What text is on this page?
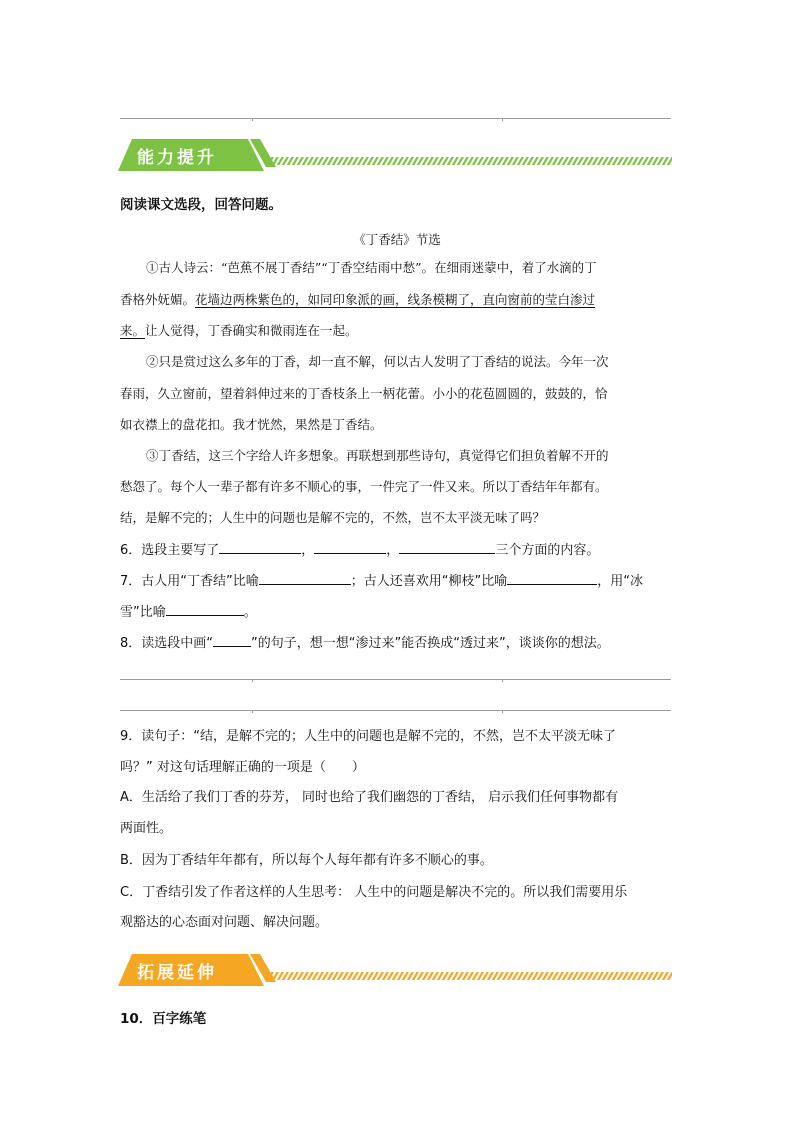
能力提升
阅读课文选段，回答问题。
《丁香结》节选
①古人诗云：“芭蕉不展丁香结”“丁香空结雨中愁”。在细雨迷蒙中，着了水滴的丁
香格外妩媚。花墙边两株紫色的，如同印象派的画，线条模糊了，直向窗前的莹白渗过
来。让人觉得，丁香确实和微雨连在一起。
②只是赏过这么多年的丁香，却一直不解，何以古人发明了丁香结的说法。今年一次
春雨，久立窗前，望着斜伸过来的丁香枝条上一柄花蕾。小小的花苞圆圆的，鼓鼓的，恰
如衣襟上的盘花扣。我才恍然，果然是丁香结。
③丁香结，这三个字给人许多想象。再联想到那些诗句，真觉得它们担负着解不开的
愁怨了。每个人一辈子都有许多不顺心的事，一件完了一件又来。所以丁香结年年都有。
结，是解不完的；人生中的问题也是解不完的，不然，岂不太平淡无味了吗？
6．选段主要写了	，	，	三个方面的内容。
7．古人用“丁香结”比喻	；古人还喜欢用“柳枝”比喻	，用“冰
雪”比喻	。
8．读选段中画“	”的句子，想一想“渗过来”能否换成“透过来”，谈谈你的想法。
9．读句子：“结，是解不完的；人生中的问题也是解不完的，不然，岂不太平淡无味了
吗？” 对这句话理解正确的一项是（　　）
A．生活给了我们丁香的芬芳， 同时也给了我们幽怨的丁香结， 启示我们任何事物都有
两面性。
B．因为丁香结年年都有，所以每个人每年都有许多不顺心的事。
C．丁香结引发了作者这样的人生思考： 人生中的问题是解决不完的。所以我们需要用乐
观豁达的心态面对问题、解决问题。
拓展延伸
10．百字练笔
